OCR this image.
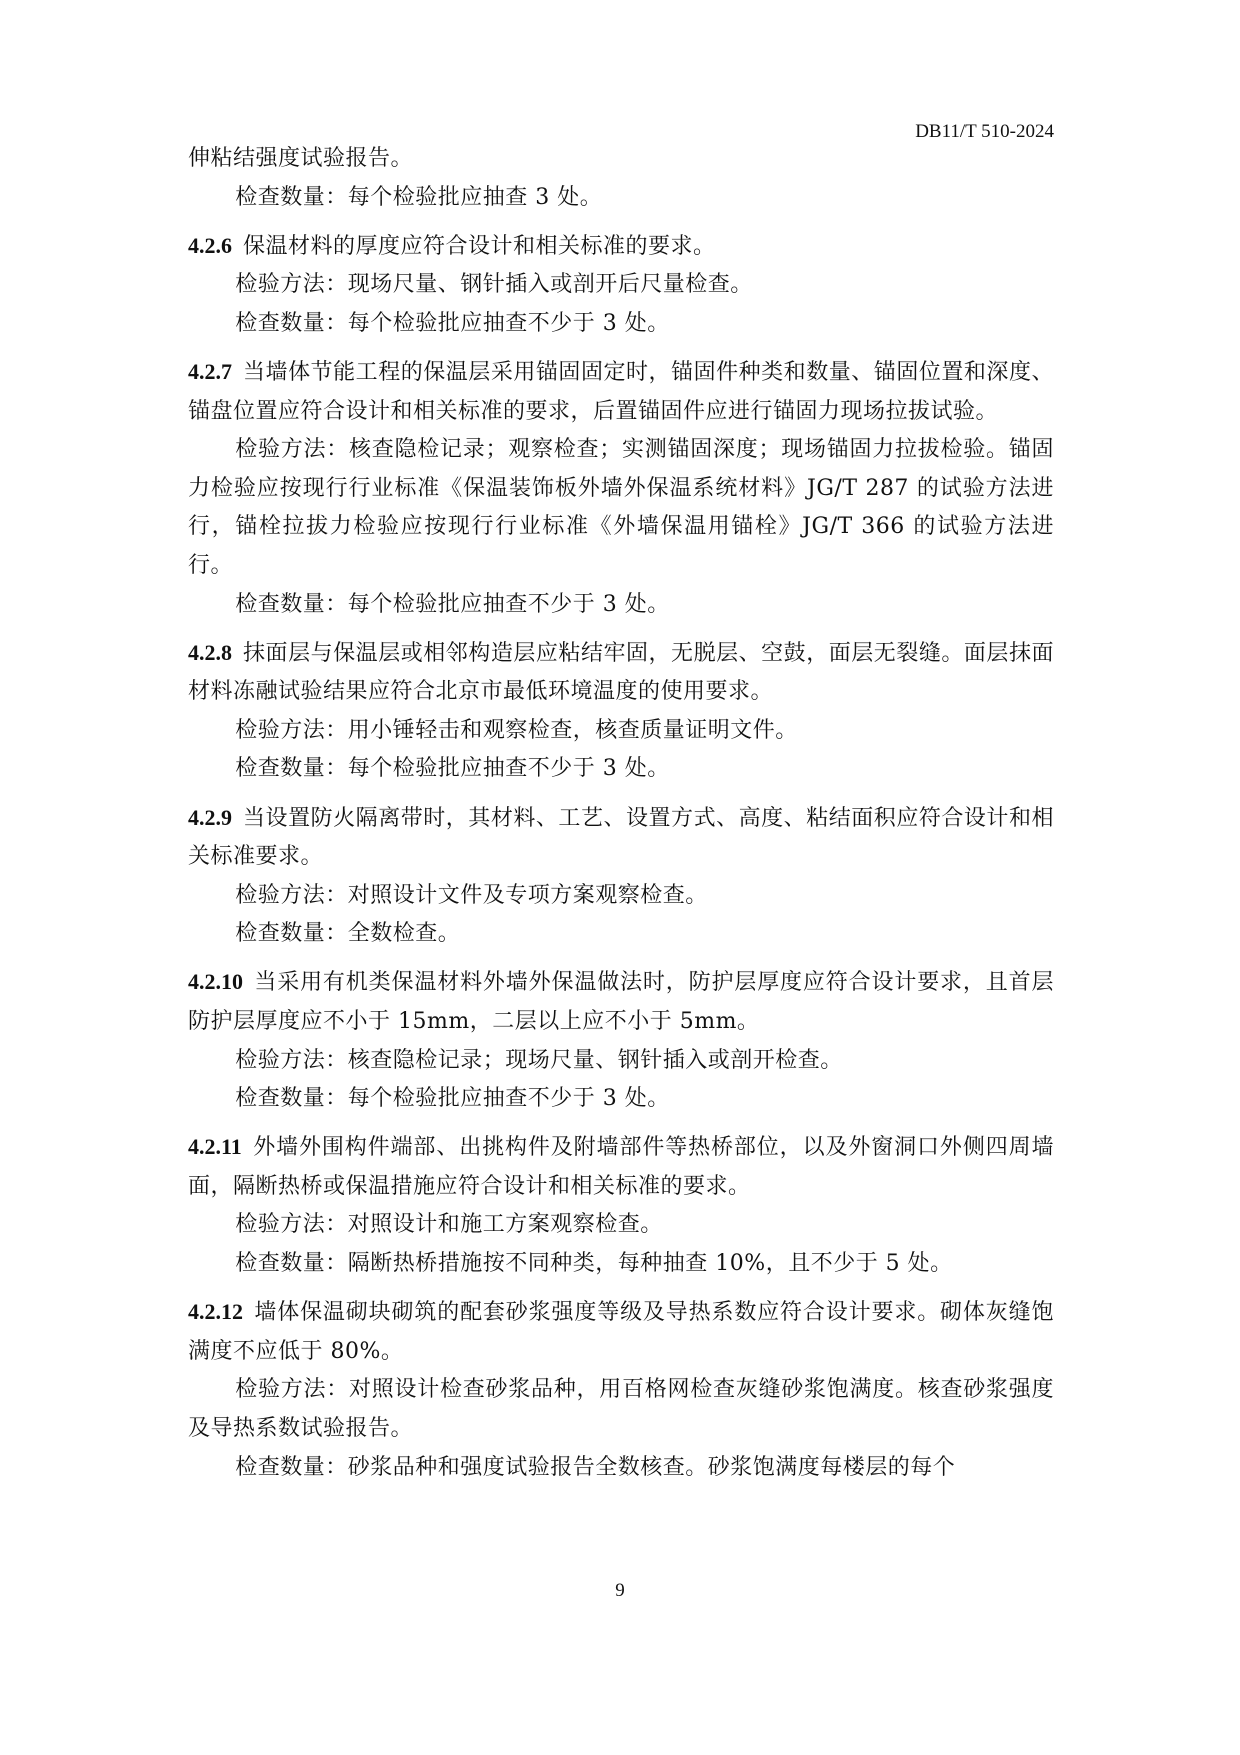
DB11/T 510-2024

伸粘结强度试验报告。

检查数量：每个检验批应抽查 3 处。

4.2.6 保温材料的厚度应符合设计和相关标准的要求。

检验方法：现场尺量、钢针插入或剖开后尺量检查。

检查数量：每个检验批应抽查不少于 3 处。

4.2.7 当墙体节能工程的保温层采用锚固固定时，锚固件种类和数量、锚固位置和深度、锚盘位置应符合设计和相关标准的要求，后置锚固件应进行锚固力现场拉拔试验。

检验方法：核查隐检记录；观察检查；实测锚固深度；现场锚固力拉拔检验。锚固力检验应按现行行业标准《保温装饰板外墙外保温系统材料》JG/T 287 的试验方法进行，锚栓拉拔力检验应按现行行业标准《外墙保温用锚栓》JG/T 366 的试验方法进行。

检查数量：每个检验批应抽查不少于 3 处。

4.2.8 抹面层与保温层或相邻构造层应粘结牢固，无脱层、空鼓，面层无裂缝。面层抹面材料冻融试验结果应符合北京市最低环境温度的使用要求。

检验方法：用小锤轻击和观察检查，核查质量证明文件。

检查数量：每个检验批应抽查不少于 3 处。

4.2.9 当设置防火隔离带时，其材料、工艺、设置方式、高度、粘结面积应符合设计和相关标准要求。

检验方法：对照设计文件及专项方案观察检查。

检查数量：全数检查。

4.2.10 当采用有机类保温材料外墙外保温做法时，防护层厚度应符合设计要求，且首层防护层厚度应不小于 15mm，二层以上应不小于 5mm。

检验方法：核查隐检记录；现场尺量、钢针插入或剖开检查。

检查数量：每个检验批应抽查不少于 3 处。

4.2.11 外墙外围构件端部、出挑构件及附墙部件等热桥部位，以及外窗洞口外侧四周墙面，隔断热桥或保温措施应符合设计和相关标准的要求。

检验方法：对照设计和施工方案观察检查。

检查数量：隔断热桥措施按不同种类，每种抽查 10%，且不少于 5 处。

4.2.12 墙体保温砌块砌筑的配套砂浆强度等级及导热系数应符合设计要求。砌体灰缝饱满度不应低于 80%。

检验方法：对照设计检查砂浆品种，用百格网检查灰缝砂浆饱满度。核查砂浆强度及导热系数试验报告。

检查数量：砂浆品种和强度试验报告全数核查。砂浆饱满度每楼层的每个

9
